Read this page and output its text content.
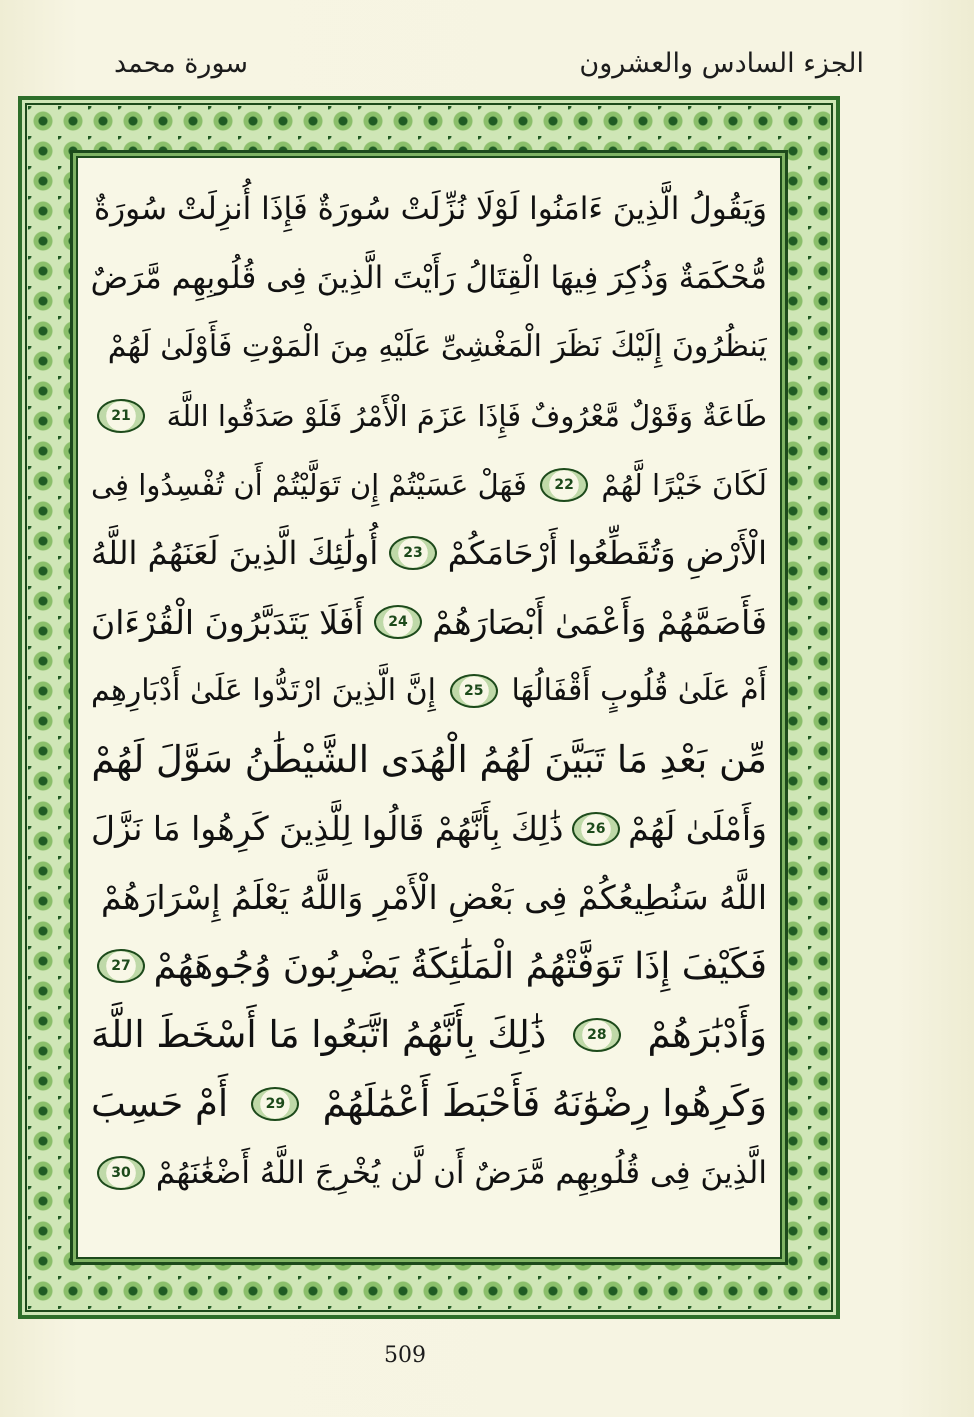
الجزء السادس والعشرون
سورة محمد
وَيَقُولُ الَّذِينَ ءَامَنُوا لَوْلَا نُزِّلَتْ سُورَةٌ فَإِذَا أُنزِلَتْ سُورَةٌ
مُّحْكَمَةٌ وَذُكِرَ فِيهَا الْقِتَالُ رَأَيْتَ الَّذِينَ فِى قُلُوبِهِم مَّرَضٌ
يَنظُرُونَ إِلَيْكَ نَظَرَ الْمَغْشِىِّ عَلَيْهِ مِنَ الْمَوْتِ فَأَوْلَىٰ لَهُمْ
طَاعَةٌ وَقَوْلٌ مَّعْرُوفٌ فَإِذَا عَزَمَ الْأَمْرُ فَلَوْ صَدَقُوا اللَّهَ
21
لَكَانَ خَيْرًا لَّهُمْ
22
فَهَلْ عَسَيْتُمْ إِن تَوَلَّيْتُمْ أَن تُفْسِدُوا فِى
الْأَرْضِ وَتُقَطِّعُوا أَرْحَامَكُمْ
23
أُولَٰئِكَ الَّذِينَ لَعَنَهُمُ اللَّهُ
فَأَصَمَّهُمْ وَأَعْمَىٰ أَبْصَارَهُمْ
24
أَفَلَا يَتَدَبَّرُونَ الْقُرْءَانَ
أَمْ عَلَىٰ قُلُوبٍ أَقْفَالُهَا
25
إِنَّ الَّذِينَ ارْتَدُّوا عَلَىٰ أَدْبَارِهِم
مِّن بَعْدِ مَا تَبَيَّنَ لَهُمُ الْهُدَى الشَّيْطَٰنُ سَوَّلَ لَهُمْ
وَأَمْلَىٰ لَهُمْ
26
ذَٰلِكَ بِأَنَّهُمْ قَالُوا لِلَّذِينَ كَرِهُوا مَا نَزَّلَ
اللَّهُ سَنُطِيعُكُمْ فِى بَعْضِ الْأَمْرِ وَاللَّهُ يَعْلَمُ إِسْرَارَهُمْ
فَكَيْفَ إِذَا تَوَفَّتْهُمُ الْمَلَٰئِكَةُ يَضْرِبُونَ وُجُوهَهُمْ
27
وَأَدْبَٰرَهُمْ
28
ذَٰلِكَ بِأَنَّهُمُ اتَّبَعُوا مَا أَسْخَطَ اللَّهَ
وَكَرِهُوا رِضْوَٰنَهُ فَأَحْبَطَ أَعْمَٰلَهُمْ
29
أَمْ حَسِبَ
الَّذِينَ فِى قُلُوبِهِم مَّرَضٌ أَن لَّن يُخْرِجَ اللَّهُ أَضْغَٰنَهُمْ
30
509
